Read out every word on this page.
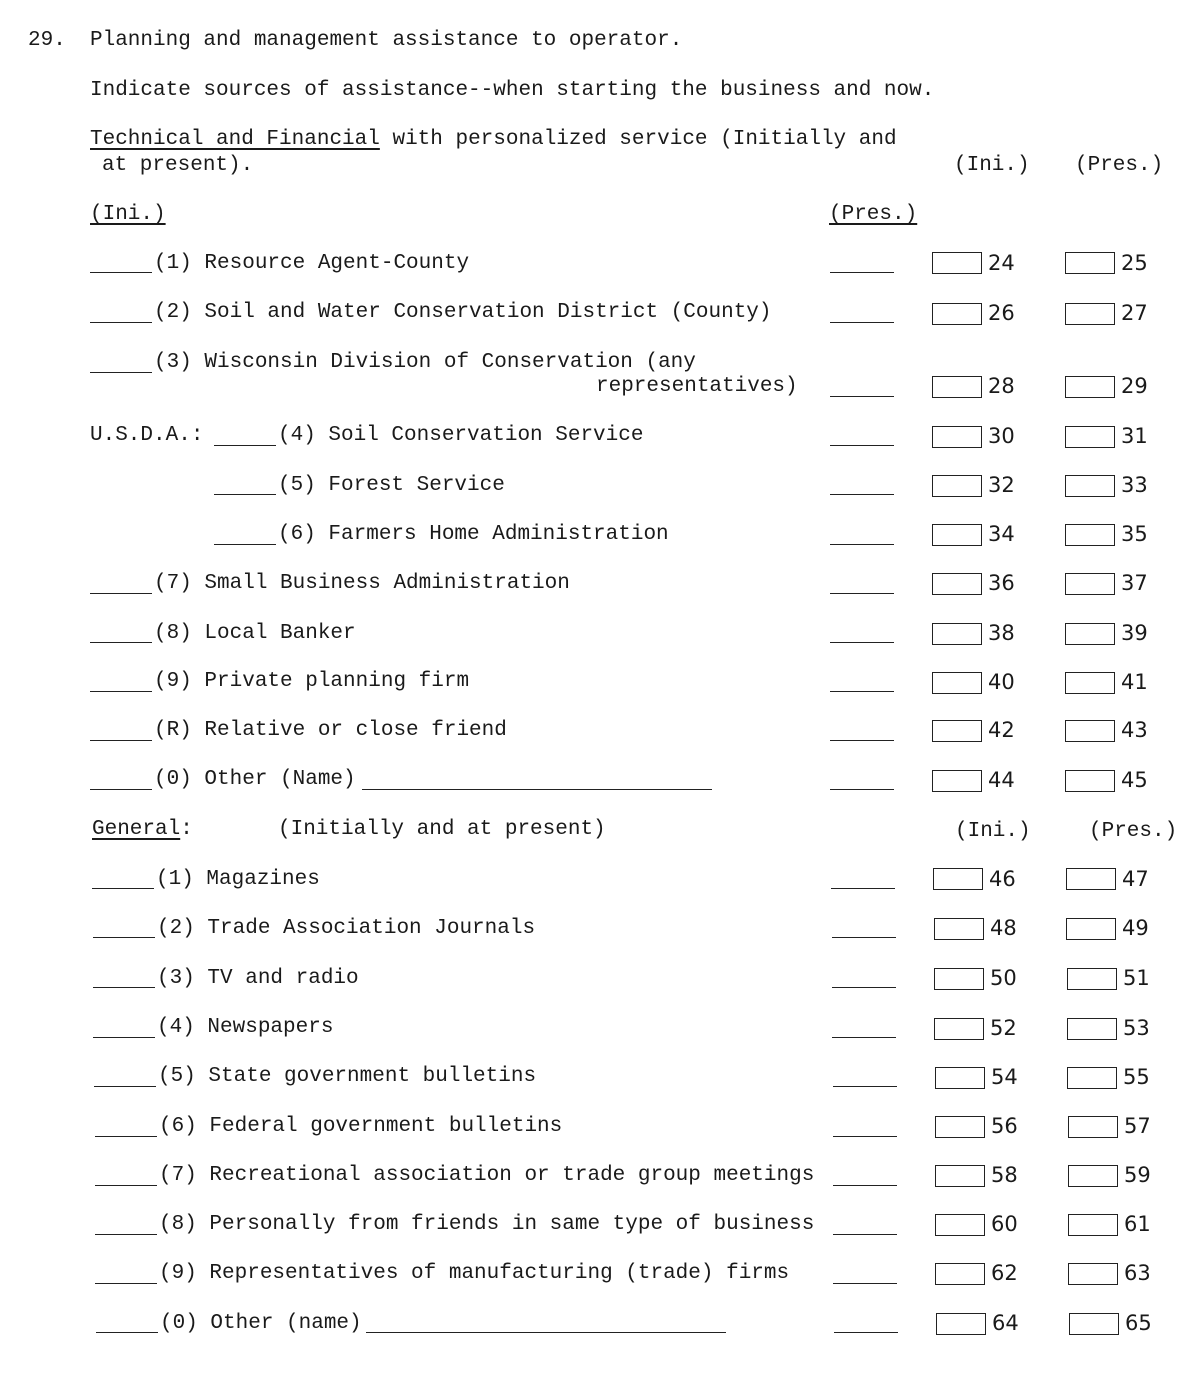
29. Planning and management assistance to operator.
Indicate sources of assistance--when starting the business and now.
Technical and Financial with personalized service (Initially and
at present).	(Ini.) (Pres.)
(Ini.)	(Pres.)
(1) Resource Agent-County	24	25
(2) Soil and Water Conservation District (County)	26	27
(3) Wisconsin Division of Conservation (any
representatives)	28	29
U.S.D.A.:	(4) Soil Conservation Service	30	31
(5) Forest Service	32	33
(6) Farmers Home Administration	34	35
(7) Small Business Administration	36	37
(8) Local Banker	38	39
(9) Private planning firm	40	41
(R) Relative or close friend	42	43
(0) Other (Name)	44	45
General:	(Initially and at present)	(Ini.)	(Pres.)
(1) Magazines	46	47
(2) Trade Association Journals	48	49
(3) TV and radio	50	51
(4) Newspapers	52	53
(5) State government bulletins	54	55
(6) Federal government bulletins	56	57
(7) Recreational association or trade group meetings	58	59
(8) Personally from friends in same type of business	60	61
(9) Representatives of manufacturing (trade) firms	62	63
(0) Other (name)	64	65
